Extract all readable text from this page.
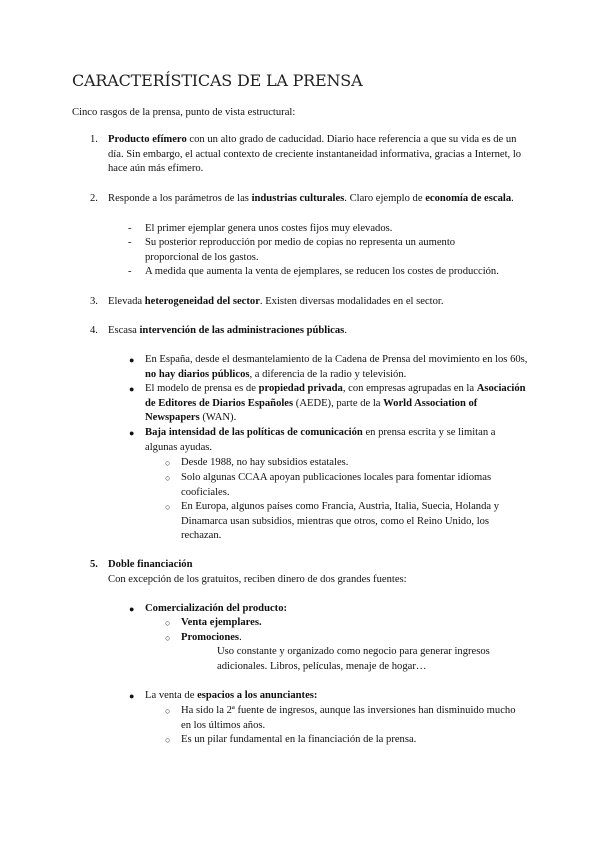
CARACTERÍSTICAS DE LA PRENSA

Cinco rasgos de la prensa, punto de vista estructural:

1. Producto efímero con un alto grado de caducidad. Diario hace referencia a que su vida es de un día. Sin embargo, el actual contexto de creciente instantaneidad informativa, gracias a Internet, lo hace aún más efímero.

2. Responde a los parámetros de las industrias culturales. Claro ejemplo de economía de escala.

- El primer ejemplar genera unos costes fijos muy elevados.

- Su posterior reproducción por medio de copias no representa un aumento proporcional de los gastos.

- A medida que aumenta la venta de ejemplares, se reducen los costes de producción.

3. Elevada heterogeneidad del sector. Existen diversas modalidades en el sector.

4. Escasa intervención de las administraciones públicas.

● En España, desde el desmantelamiento de la Cadena de Prensa del movimiento en los 60s, no hay diarios públicos, a diferencia de la radio y televisión.

● El modelo de prensa es de propiedad privada, con empresas agrupadas en la Asociación de Editores de Diarios Españoles (AEDE), parte de la World Association of Newspapers (WAN).

● Baja intensidad de las políticas de comunicación en prensa escrita y se limitan a algunas ayudas.

○ Desde 1988, no hay subsidios estatales.

○ Solo algunas CCAA apoyan publicaciones locales para fomentar idiomas cooficiales.

○ En Europa, algunos países como Francia, Austria, Italia, Suecia, Holanda y Dinamarca usan subsidios, mientras que otros, como el Reino Unido, los rechazan.

5. Doble financiación

Con excepción de los gratuitos, reciben dinero de dos grandes fuentes:

● Comercialización del producto:

○ Venta ejemplares.

○ Promociones.

Uso constante y organizado como negocio para generar ingresos adicionales. Libros, películas, menaje de hogar…

● La venta de espacios a los anunciantes:

○ Ha sido la 2ª fuente de ingresos, aunque las inversiones han disminuido mucho en los últimos años.

○ Es un pilar fundamental en la financiación de la prensa.
